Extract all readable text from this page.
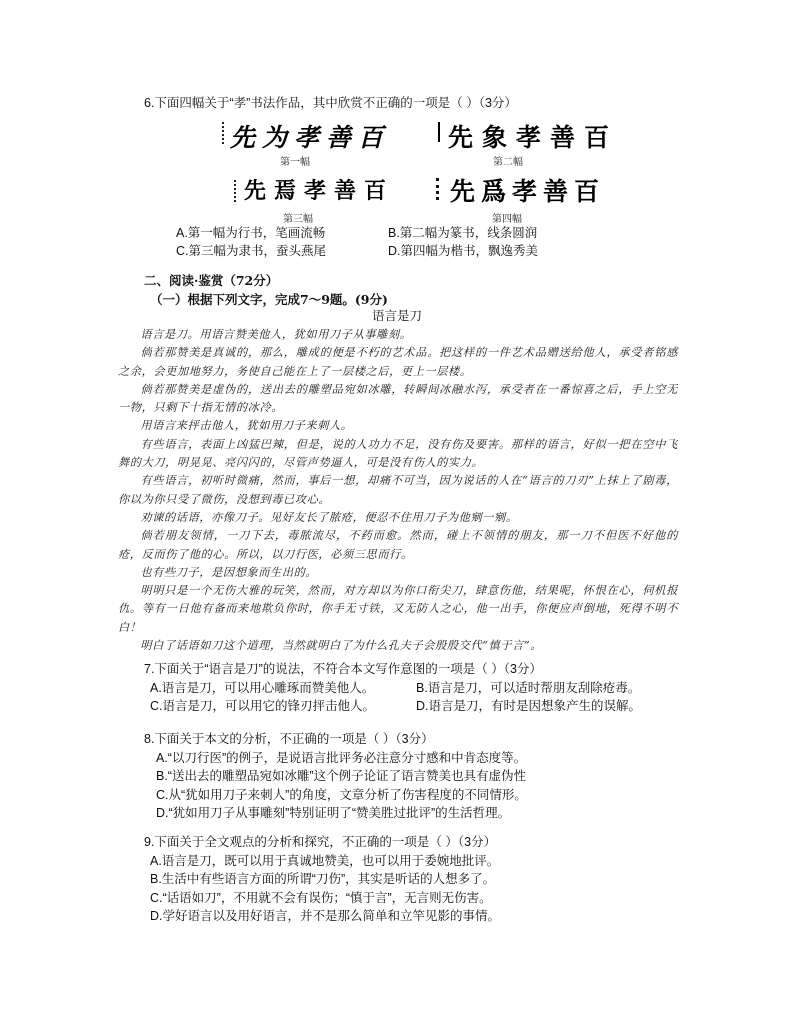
6.下面四幅关于“孝”书法作品，其中欣赏不正确的一项是（ ）（3分）
先为孝善百
第一幅
先象孝善百
第二幅
先焉孝善百
第三幅
先爲孝善百
第四幅
A.第一幅为行书，笔画流畅	B.第二幅为篆书，线条圆润
C.第三幅为隶书，蚕头燕尾	D.第四幅为楷书，飘逸秀美
二、阅读·鉴赏（72分）
（一）根据下列文字，完成7～9题。(9分)
语言是刀

语言是刀。用语言赞美他人，犹如用刀子从事雕刻。

倘若那赞美是真诚的，那么，雕成的便是不朽的艺术品。把这样的一件艺术品赠送给他人，承受者铭感之余，会更加地努力，务使自己能在上了一层楼之后，更上一层楼。

倘若那赞美是虚伪的，送出去的雕塑品宛如冰雕，转瞬间冰融水泻，承受者在一番惊喜之后，手上空无一物，只剩下十指无情的冰冷。

用语言来抨击他人，犹如用刀子来刺人。

有些语言，表面上凶猛巴辣，但是，说的人功力不足，没有伤及要害。那样的语言，好似一把在空中飞舞的大刀，明晃晃、亮闪闪的，尽管声势逼人，可是没有伤人的实力。

有些语言，初听时微痛，然而，事后一想，却痛不可当，因为说话的人在“语言的刀刃”上抹上了剧毒，你以为你只受了微伤，没想到毒已攻心。

劝谏的话语，亦像刀子。见好友长了脓疮，便忍不住用刀子为他剜一剜。

倘若朋友领情，一刀下去，毒脓流尽，不药而愈。然而，碰上不领情的朋友，那一刀不但医不好他的疮，反而伤了他的心。所以，以刀行医，必须三思而行。

也有些刀子，是因想象而生出的。

明明只是一个无伤大雅的玩笑，然而，对方却以为你口衔尖刀，肆意伤他，结果呢，怀恨在心，伺机报仇。等有一日他有备而来地欺负你时，你手无寸铁，又无防人之心，他一出手，你便应声倒地，死得不明不白！

明白了话语如刀这个道理，当然就明白了为什么孔夫子会殷殷交代“慎于言”。

7.下面关于“语言是刀”的说法，不符合本文写作意图的一项是（ ）（3分）
A.语言是刀，可以用心雕琢而赞美他人。	B.语言是刀，可以适时帮朋友刮除疮毒。
C.语言是刀，可以用它的锋刃抨击他人。	D.语言是刀，有时是因想象产生的误解。
8.下面关于本文的分析，不正确的一项是（ ）（3分）
A.“以刀行医”的例子，是说语言批评务必注意分寸感和中肯态度等。
B.“送出去的雕塑品宛如冰雕”这个例子论证了语言赞美也具有虚伪性
C.从“犹如用刀子来刺人”的角度，文章分析了伤害程度的不同情形。
D.“犹如用刀子从事雕刻”特别证明了“赞美胜过批评”的生活哲理。
9.下面关于全文观点的分析和探究，不正确的一项是（ ）（3分）
A.语言是刀，既可以用于真诚地赞美，也可以用于委婉地批评。
B.生活中有些语言方面的所谓“刀伤”，其实是听话的人想多了。
C.“话语如刀”，不用就不会有误伤；“慎于言”，无言则无伤害。
D.学好语言以及用好语言，并不是那么简单和立竿见影的事情。
